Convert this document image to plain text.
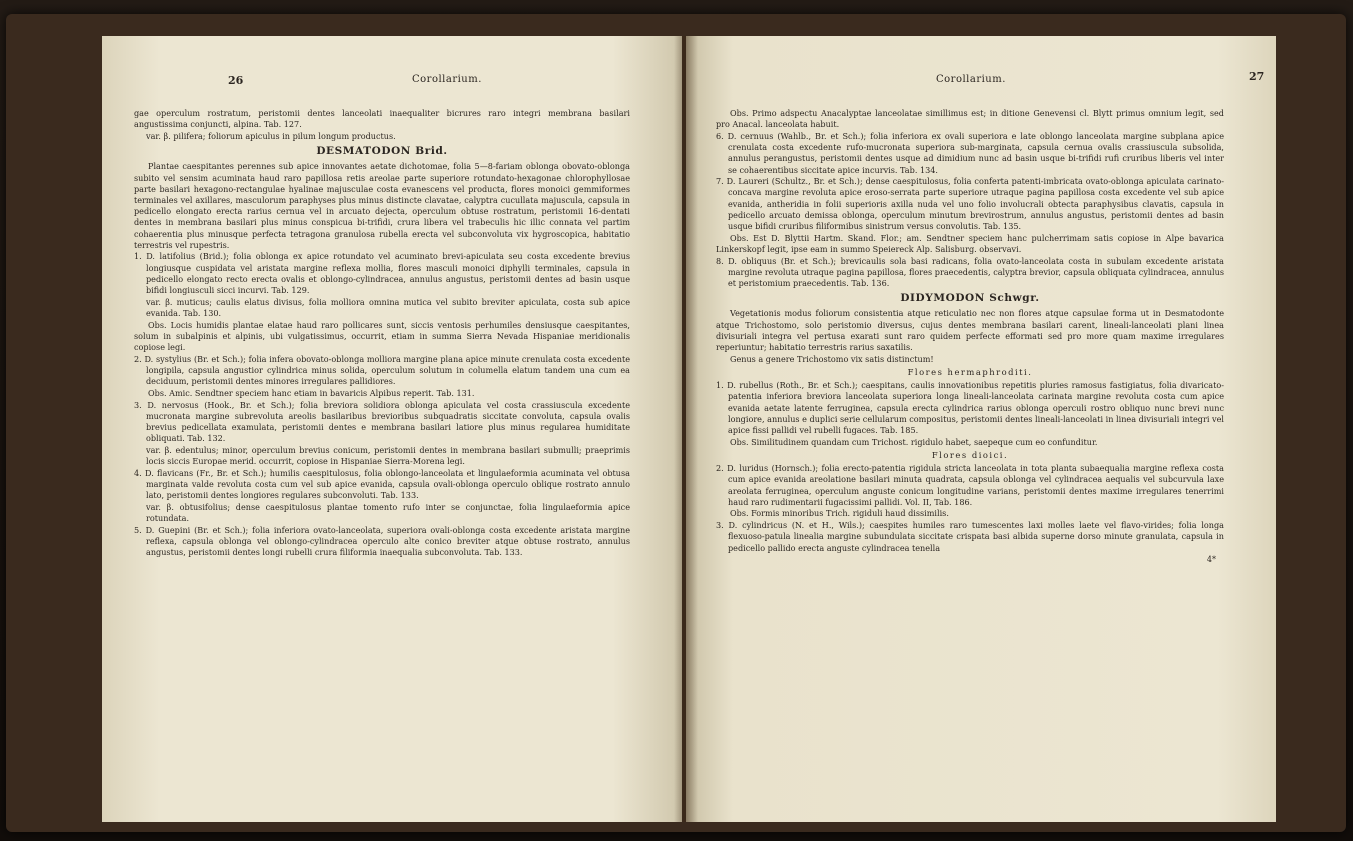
26	Corollarium.

gae operculum rostratum, peristomii dentes lanceolati inaequaliter bicrures raro integri membrana basilari angustissima conjuncti, alpina. Tab. 127.

var. β. pilifera; foliorum apiculus in pilum longum productus.

DESMATODON Brid.

Plantae caespitantes perennes sub apice innovantes aetate dichotomae, folia 5—8-fariam oblonga obovato-oblonga subito vel sensim acuminata haud raro papillosa retis areolae parte superiore rotundato-hexagonae chlorophyllosae parte basilari hexagono-rectangulae hyalinae majusculae costa evanescens vel producta, flores monoici gemmiformes terminales vel axillares, masculorum paraphyses plus minus distincte clavatae, calyptra cucullata majuscula, capsula in pedicello elongato erecta rarius cernua vel in arcuato dejecta, operculum obtuse rostratum, peristomii 16-dentati dentes in membrana basilari plus minus conspicua bi-trifidi, crura libera vel trabeculis hic illic connata vel partim cohaerentia plus minusque perfecta tetragona granulosa rubella erecta vel subconvoluta vix hygroscopica, habitatio terrestris vel rupestris.

1. D. latifolius (Brid.); folia oblonga ex apice rotundato vel acuminato brevi-apiculata seu costa excedente brevius longiusque cuspidata vel aristata margine reflexa mollia, flores masculi monoici diphylli terminales, capsula in pedicello elongato recto erecta ovalis et oblongo-cylindracea, annulus angustus, peristomii dentes ad basin usque bifidi longiusculi sicci incurvi. Tab. 129.

var. β. muticus; caulis elatus divisus, folia molliora omnina mutica vel subito breviter apiculata, costa sub apice evanida. Tab. 130.

Obs. Locis humidis plantae elatae haud raro pollicares sunt, siccis ventosis perhumiles densiusque caespitantes, solum in subalpinis et alpinis, ubi vulgatissimus, occurrit, etiam in summa Sierra Nevada Hispaniae meridionalis copiose legi.

2. D. systylius (Br. et Sch.); folia infera obovato-oblonga molliora margine plana apice minute crenulata costa excedente longipila, capsula angustior cylindrica minus solida, operculum solutum in columella elatum tandem una cum ea deciduum, peristomii dentes minores irregulares pallidiores.

Obs. Amic. Sendtner speciem hanc etiam in bavaricis Alpibus reperit. Tab. 131.

3. D. nervosus (Hook., Br. et Sch.); folia breviora solidiora oblonga apiculata vel costa crassiuscula excedente mucronata margine subrevoluta areolis basilaribus brevioribus subquadratis siccitate convoluta, capsula ovalis brevius pedicellata examulata, peristomii dentes e membrana basilari latiore plus minus regularea humiditate obliquati. Tab. 132.

var. β. edentulus; minor, operculum brevius conicum, peristomii dentes in membrana basilari submulli; praeprimis locis siccis Europae merid. occurrit, copiose in Hispaniae Sierra-Morena legi.

4. D. flavicans (Fr., Br. et Sch.); humilis caespitulosus, folia oblongo-lanceolata et lingulaeformia acuminata vel obtusa marginata valde revoluta costa cum vel sub apice evanida, capsula ovali-oblonga operculo oblique rostrato annulo lato, peristomii dentes longiores regulares subconvoluti. Tab. 133.

var. β. obtusifolius; dense caespitulosus plantae tomento rufo inter se conjunctae, folia lingulaeformia apice rotundata.

5. D. Guepini (Br. et Sch.); folia inferiora ovato-lanceolata, superiora ovali-oblonga costa excedente aristata margine reflexa, capsula oblonga vel oblongo-cylindracea operculo alte conico breviter atque obtuse rostrato, annulus angustus, peristomii dentes longi rubelli crura filiformia inaequalia subconvoluta. Tab. 133.

Corollarium.	27

Obs. Primo adspectu Anacalyptae lanceolatae simillimus est; in ditione Genevensi cl. Blytt primus omnium legit, sed pro Anacal. lanceolata habuit.

6. D. cernuus (Wahlb., Br. et Sch.); folia inferiora ex ovali superiora e late oblongo lanceolata margine subplana apice crenulata costa excedente rufo-mucronata superiora sub-marginata, capsula cernua ovalis crassiuscula subsolida, annulus perangustus, peristomii dentes usque ad dimidium nunc ad basin usque bi-trifidi rufi cruribus liberis vel inter se cohaerentibus siccitate apice incurvis. Tab. 134.

7. D. Laureri (Schultz., Br. et Sch.); dense caespitulosus, folia conferta patenti-imbricata ovato-oblonga apiculata carinato-concava margine revoluta apice eroso-serrata parte superiore utraque pagina papillosa costa excedente vel sub apice evanida, antheridia in folii superioris axilla nuda vel uno folio involucrali obtecta paraphysibus clavatis, capsula in pedicello arcuato demissa oblonga, operculum minutum brevirostrum, annulus angustus, peristomii dentes ad basin usque bifidi cruribus filiformibus sinistrum versus convolutis. Tab. 135.

Obs. Est D. Blyttii Hartm. Skand. Flor.; am. Sendtner speciem hanc pulcherrimam satis copiose in Alpe bavarica Linkerskopf legit, ipse eam in summo Speiereck Alp. Salisburg. observavi.

8. D. obliquus (Br. et Sch.); brevicaulis sola basi radicans, folia ovato-lanceolata costa in subulam excedente aristata margine revoluta utraque pagina papillosa, flores praecedentis, calyptra brevior, capsula obliquata cylindracea, annulus et peristomium praecedentis. Tab. 136.

DIDYMODON Schwgr.

Vegetationis modus foliorum consistentia atque reticulatio nec non flores atque capsulae forma ut in Desmatodonte atque Trichostomo, solo peristomio diversus, cujus dentes membrana basilari carent, lineali-lanceolati plani linea divisuriali integra vel pertusa exarati sunt raro quidem perfecte efformati sed pro more quam maxime irregulares reperiuntur; habitatio terrestris rarius saxatilis.

Genus a genere Trichostomo vix satis distinctum!

Flores hermaphroditi.

1. D. rubellus (Roth., Br. et Sch.); caespitans, caulis innovationibus repetitis pluries ramosus fastigiatus, folia divaricato-patentia inferiora breviora lanceolata superiora longa lineali-lanceolata carinata margine revoluta costa cum apice evanida aetate latente ferruginea, capsula erecta cylindrica rarius oblonga operculi rostro obliquo nunc brevi nunc longiore, annulus e duplici serie cellularum compositus, peristomii dentes lineali-lanceolati in linea divisuriali integri vel apice fissi pallidi vel rubelli fugaces. Tab. 185.

Obs. Similitudinem quandam cum Trichost. rigidulo habet, saepeque cum eo confunditur.

Flores dioici.

2. D. luridus (Hornsch.); folia erecto-patentia rigidula stricta lanceolata in tota planta subaequalia margine reflexa costa cum apice evanida areolatione basilari minuta quadrata, capsula oblonga vel cylindracea aequalis vel subcurvula laxe areolata ferruginea, operculum anguste conicum longitudine varians, peristomii dentes maxime irregulares tenerrimi haud raro rudimentarii fugacissimi pallidi. Vol. II, Tab. 186.

Obs. Formis minoribus Trich. rigiduli haud dissimilis.

3. D. cylindricus (N. et H., Wils.); caespites humiles raro tumescentes laxi molles laete vel flavo-virides; folia longa flexuoso-patula linealia margine subundulata siccitate crispata basi albida superne dorso minute granulata, capsula in pedicello pallido erecta anguste cylindracea tenella

4*
